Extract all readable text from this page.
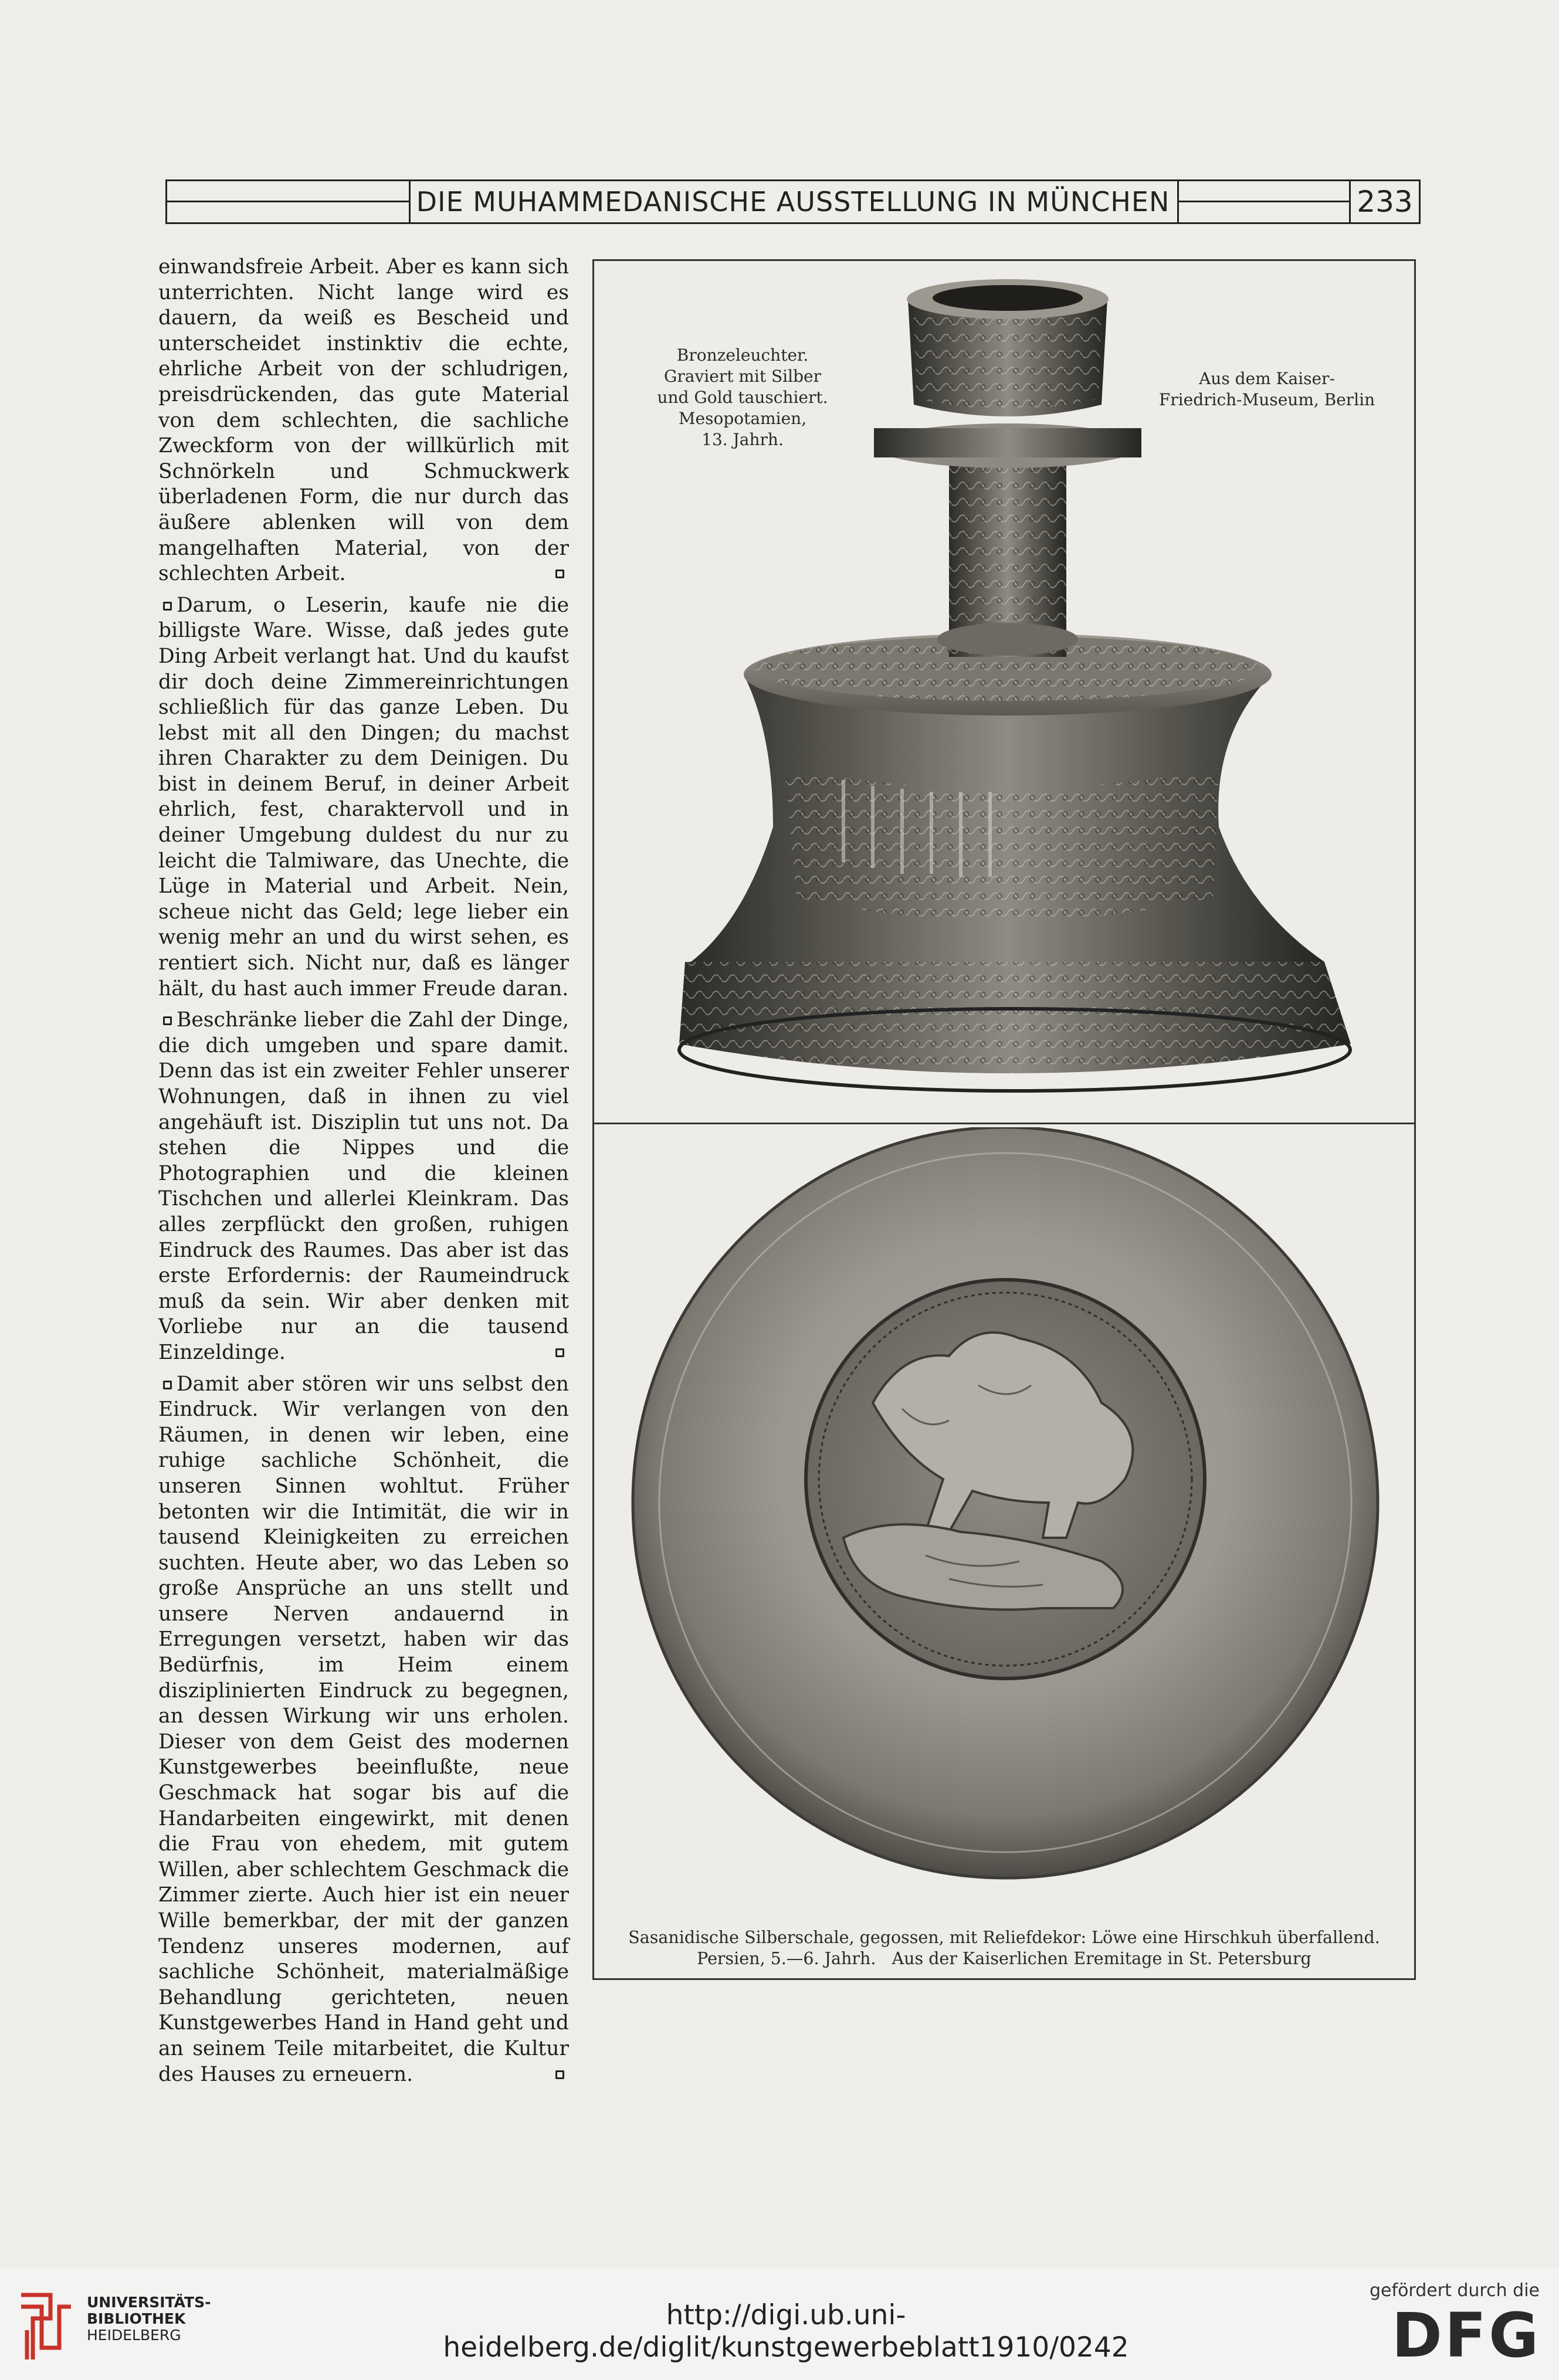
DIE MUHAMMEDANISCHE AUSSTELLUNG IN MÜNCHEN	233

einwandsfreie Arbeit. Aber es kann sich unterrichten. Nicht lange wird es dauern, da weiß es Bescheid und unterscheidet instinktiv die echte, ehrliche Arbeit von der schludrigen, preisdrückenden, das gute Material von dem schlechten, die sachliche Zweckform von der willkürlich mit Schnörkeln und Schmuckwerk überladenen Form, die nur durch das äußere ablenken will von dem mangelhaften Material, von der schlechten Arbeit.

Darum, o Leserin, kaufe nie die billigste Ware. Wisse, daß jedes gute Ding Arbeit verlangt hat. Und du kaufst dir doch deine Zimmereinrichtungen schließlich für das ganze Leben. Du lebst mit all den Dingen; du machst ihren Charakter zu dem Deinigen. Du bist in deinem Beruf, in deiner Arbeit ehrlich, fest, charaktervoll und in deiner Umgebung duldest du nur zu leicht die Talmiware, das Unechte, die Lüge in Material und Arbeit. Nein, scheue nicht das Geld; lege lieber ein wenig mehr an und du wirst sehen, es rentiert sich. Nicht nur, daß es länger hält, du hast auch immer Freude daran.

Beschränke lieber die Zahl der Dinge, die dich umgeben und spare damit. Denn das ist ein zweiter Fehler unserer Wohnungen, daß in ihnen zu viel angehäuft ist. Disziplin tut uns not. Da stehen die Nippes und die Photographien und die kleinen Tischchen und allerlei Kleinkram. Das alles zerpflückt den großen, ruhigen Eindruck des Raumes. Das aber ist das erste Erfordernis: der Raumeindruck muß da sein. Wir aber denken mit Vorliebe nur an die tausend Einzeldinge.

Damit aber stören wir uns selbst den Eindruck. Wir verlangen von den Räumen, in denen wir leben, eine ruhige sachliche Schönheit, die unseren Sinnen wohltut. Früher betonten wir die Intimität, die wir in tausend Kleinigkeiten zu erreichen suchten. Heute aber, wo das Leben so große Ansprüche an uns stellt und unsere Nerven andauernd in Erregungen versetzt, haben wir das Bedürfnis, im Heim einem disziplinierten Eindruck zu begegnen, an dessen Wirkung wir uns erholen. Dieser von dem Geist des modernen Kunstgewerbes beeinflußte, neue Geschmack hat sogar bis auf die Handarbeiten eingewirkt, mit denen die Frau von ehedem, mit gutem Willen, aber schlechtem Geschmack die Zimmer zierte. Auch hier ist ein neuer Wille bemerkbar, der mit der ganzen Tendenz unseres modernen, auf sachliche Schönheit, materialmäßige Behandlung gerichteten, neuen Kunstgewerbes Hand in Hand geht und an seinem Teile mitarbeitet, die Kultur des Hauses zu erneuern.

Bronzeleuchter.
Graviert mit Silber
und Gold tauschiert.
Mesopotamien,
13. Jahrh.
Aus dem Kaiser-
Friedrich-Museum, Berlin
Sasanidische Silberschale, gegossen, mit Reliefdekor: Löwe eine Hirschkuh überfallend.
Persien, 5.—6. Jahrh.   Aus der Kaiserlichen Eremitage in St. Petersburg
UNIVERSITÄTS-
BIBLIOTHEK
HEIDELBERG
http://digi.ub.uni-heidelberg.de/diglit/kunstgewerbeblatt1910/0242
gefördert durch die
DFG
